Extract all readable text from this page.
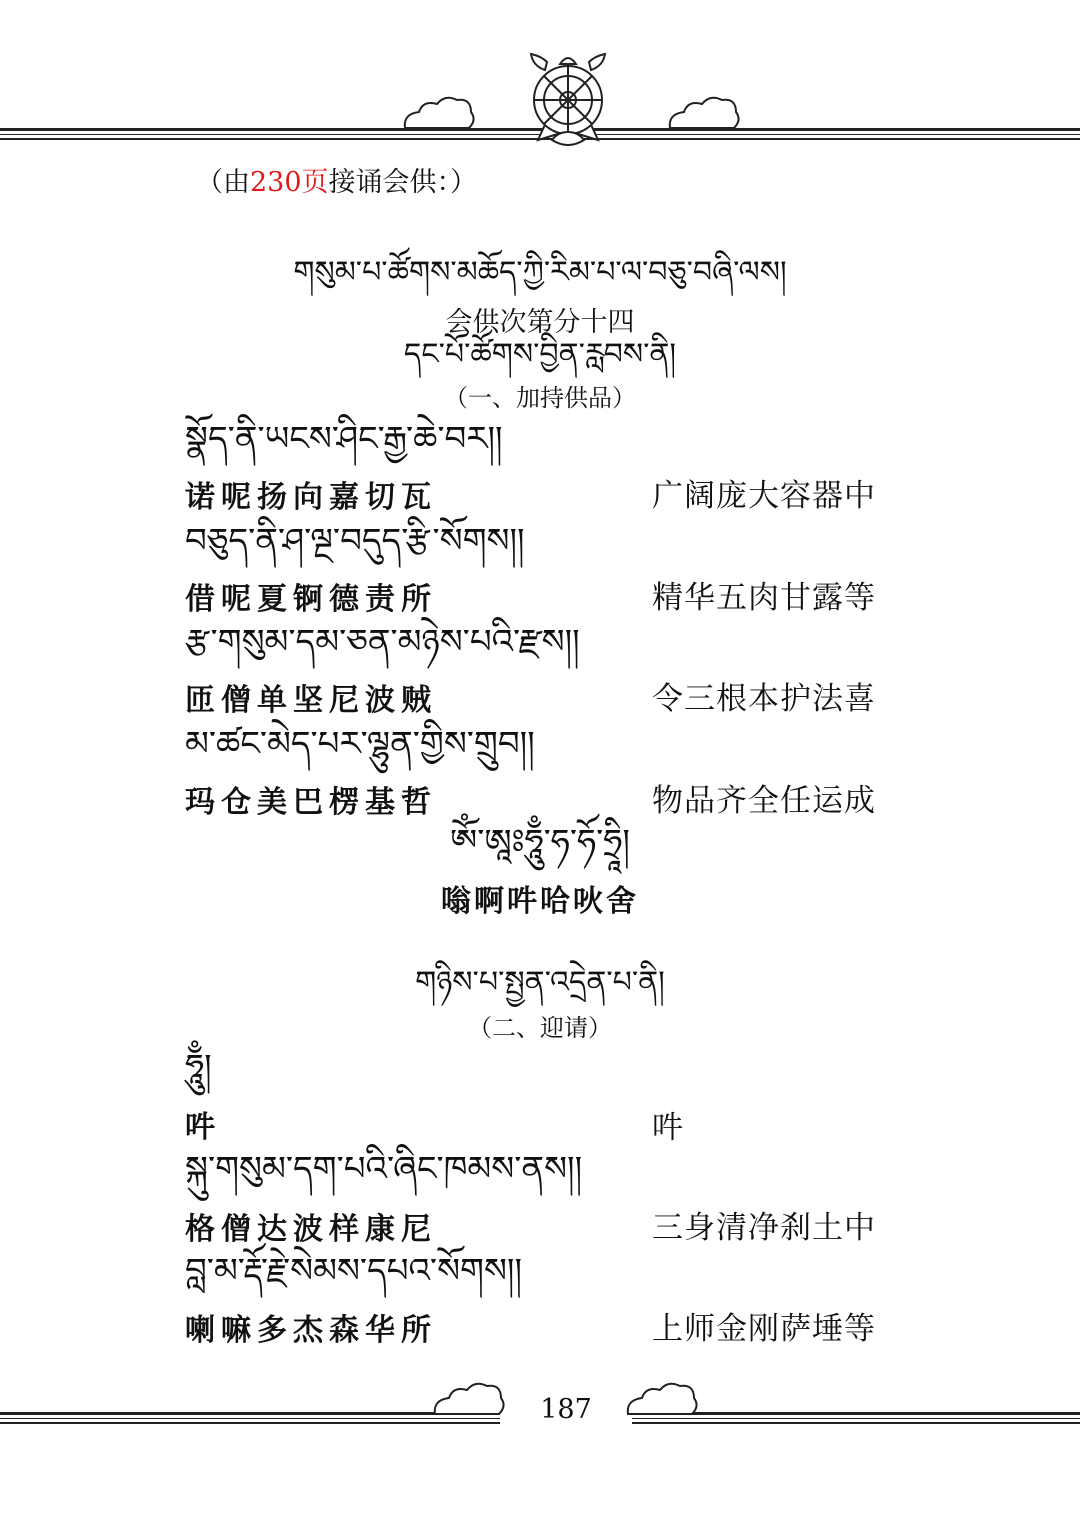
（由230页接诵会供：）
གསུམ་པ་ཚོགས་མཆོད་ཀྱི་རིམ་པ་ལ་བཅུ་བཞི་ལས།
会供次第分十四
དང་པོ་ཚོགས་བྱིན་རླབས་ནི།
（一、加持供品）
སྣོད་ནི་ཡངས་ཤིང་རྒྱ་ཆེ་བར།།
诺呢扬向嘉切瓦	广阔庞大容器中
བཅུད་ནི་ཤ་ལྔ་བདུད་རྩི་སོགས།།
借呢夏锕德责所	精华五肉甘露等
རྩ་གསུམ་དམ་ཅན་མཉེས་པའི་རྫས།།
匝僧单坚尼波贼	令三根本护法喜
མ་ཚང་མེད་པར་ལྷུན་གྱིས་གྲུབ།།
玛仓美巴楞基哲	物品齐全任运成
ༀ་ཨཱཿཧཱུྃ་ཧ་ཧོ་ཧྲཱི།
嗡啊吽哈吙舍
གཉིས་པ་སྤྱན་འདྲེན་པ་ནི།
（二、迎请）
ཧཱུྃ།
吽	吽
སྐུ་གསུམ་དག་པའི་ཞིང་ཁམས་ནས།།
格僧达波样康尼	三身清净刹土中
བླ་མ་རྡོ་རྗེ་སེམས་དཔའ་སོགས།།
喇嘛多杰森华所	上师金刚萨埵等
187
